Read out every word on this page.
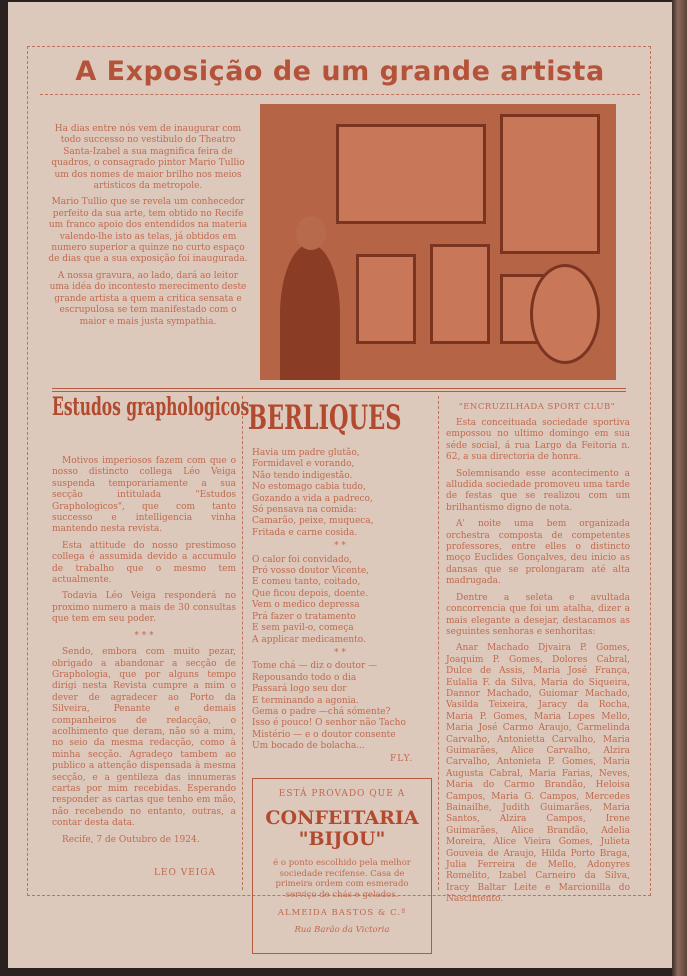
A Exposição de um grande artista

Ha dias entre nós vem de inaugurar com todo successo no vestibulo do Theatro Santa-Izabel a sua magnifica feira de quadros, o consagrado pintor Mario Tullio um dos nomes de maior brilho nos meios artisticos da metropole.

Mario Tullio que se revela um conhecedor perfeito da sua arte, tem obtido no Recife um franco apoio dos entendidos na materia valendo-lhe isto as telas, já obtidos em numero superior a quinze no curto espaço de dias que a sua exposição foi inaugurada.

A nossa gravura, ao lado, dará ao leitor uma idéa do incontesto merecimento deste grande artista a quem a critica sensata e escrupulosa se tem manifestado com o maior e mais justa sympathia.

Estudos graphologicos

Motivos imperiosos fazem com que o nosso distincto collega Léo Veiga suspenda temporariamente a sua secção intitulada "Estudos Graphologicos", que com tanto successo e intelligencia vinha mantendo nesta revista.

Esta attitude do nosso prestimoso collega é assumida devido a accumulo de trabalho que o mesmo tem actualmente.

Todavia Léo Veiga responderá no proximo numero a mais de 30 consultas que tem em seu poder.

* * *

Sendo, embora com muito pezar, obrigado a abandonar a secção de Graphologia, que por alguns tempo dirigi nesta Revista cumpre a mim o dever de agradecer ao Porto da Silveira, Penante e demais companheiros de redacção, o acolhimento que deram, não só a mim, no seio da mesma redacção, como à minha secção. Agradeço tambem ao publico a attenção dispensada à mesma secção, e a gentileza das innumeras cartas por mim recebidas. Esperando responder as cartas que tenho em mão, não recebendo no entanto, outras, a contar desta data.

Recife, 7 de Outubro de 1924.

LEO VEIGA
BERLIQUES
Havia um padre glutão,
Formidavel e vorando,
Não tendo indigestão.
No estomago cabia tudo,
Gozando a vida a padreco,
Só pensava na comida:
Camarão, peixe, muqueca,
Fritada e carne cosida.
* *
O calor foi convidado,
Pró vosso doutor Vicente,
E comeu tanto, coitado,
Que ficou depois, doente.
Vem o medico depressa
Prá fazer o tratamento
E sem pavil-o, começa
A applicar medicamento.
* *
Tome chá — diz o doutor —
Repousando todo o dia
Passará logo seu dor
E terminando a agonia.
Gema o padre —chá sómente?
Isso é pouco! O senhor não Tacho
Mistério — e o doutor consente
Um bocado de bolacha...
FLY.
ESTÁ PROVADO QUE A
CONFEITARIA
"BIJOU"
é o ponto escolhido pela melhor sociedade recifense. Casa de primeira ordem com esmerado serviço de chás e gelados.
ALMEIDA BASTOS & C.ª
Rua Barão da Victoria
"ENCRUZILHADA SPORT CLUB"

Esta conceituada sociedade sportiva empossou no ultimo domingo em sua séde social, á rua Largo da Feitoria n. 62, a sua directoria de honra.

Solemnisando esse acontecimento a alludida sociedade promoveu uma tarde de festas que se realizou com um brilhantismo digno de nota.

A' noite uma bem organizada orchestra composta de competentes professores, entre elles o distincto moço Euclides Gonçalves, deu inicio as dansas que se prolongaram até alta madrugada.

Dentre a seleta e avultada concorrencia que foi um atalha, dizer a mais elegante a desejar, destacamos as seguintes senhoras e senhoritas:

Anar Machado Djvaira P. Gomes, Joaquim P. Gomes, Dolores Cabral, Dulce de Assis, Maria José França, Eulalia F. da Silva, Maria do Siqueira, Dannor Machado, Guiomar Machado, Vasilda Teixeira, Jaracy da Rocha, Maria P. Gomes, Maria Lopes Mello, Maria José Carmo Araujo, Carmelinda Carvalho, Antonietta Carvalho, Maria Guimarães, Alice Carvalho, Alzira Carvalho, Antonieta P. Gomes, Maria Augusta Cabral, Maria Farias, Neves, Maria do Carmo Brandão, Heloisa Campos, Maria G. Campos, Mercedes Bainailhe, Judith Guimarães, Maria Santos, Alzira Campos, Irene Guimarães, Alice Brandão, Adelia Moreira, Alice Vieira Gomes, Julieta Gouveia de Araujo, Hilda Porto Braga, Julia Ferreira de Mello, Adonyres Romelito, Izabel Carneiro da Silva, Iracy Baltar Leite e Marcionilla do Nascimento.
